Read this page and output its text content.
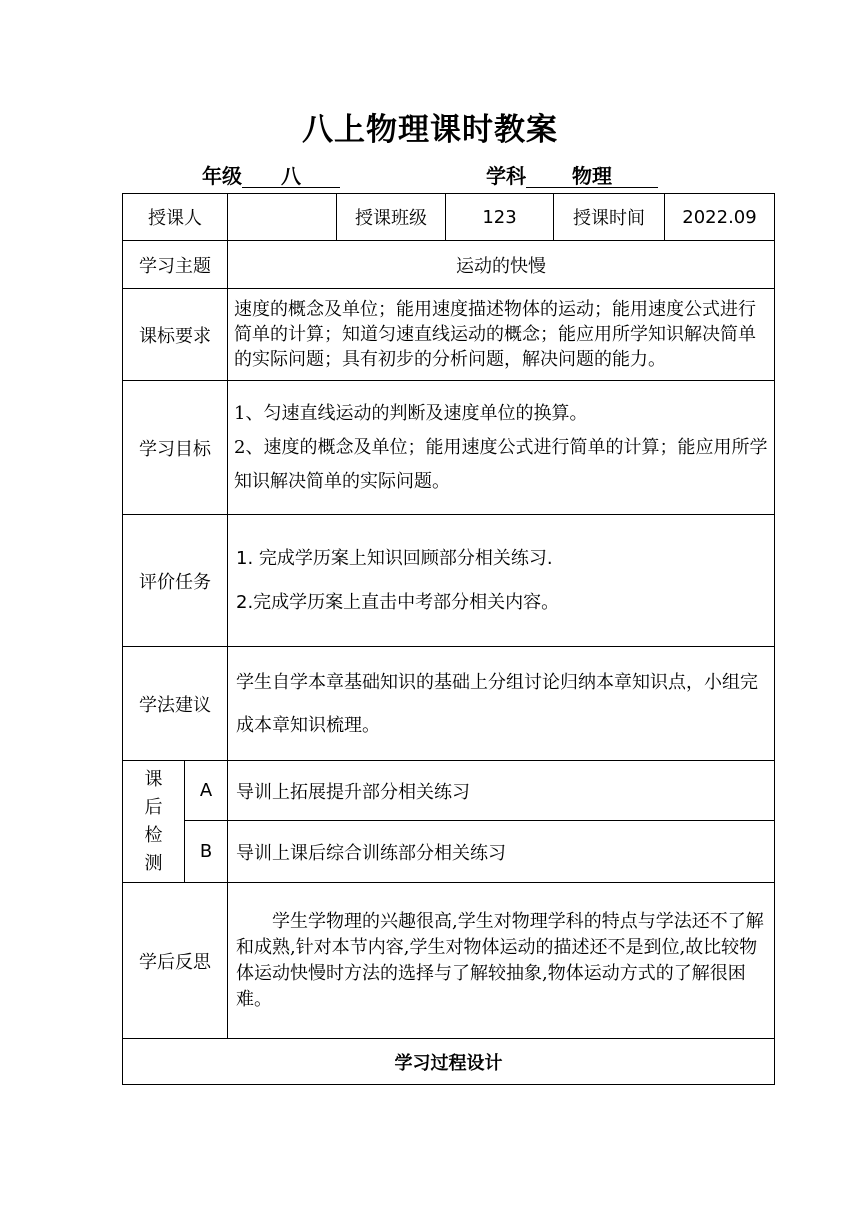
八上物理课时教案
年级 八	学科 物理
授课人			授课班级	123	授课时间	2022.09
学习主题		运动的快慢				
课标要求		速度的概念及单位；能用速度描述物体的运动；能用速度公式进行简单的计算；知道匀速直线运动的概念；能应用所学知识解决简单的实际问题；具有初步的分析问题，解决问题的能力。				
学习目标		1、匀速直线运动的判断及速度单位的换算。
2、速度的概念及单位；能用速度公式进行简单的计算；能应用所学知识解决简单的实际问题。				

评价任务		1. 完成学历案上知识回顾部分相关练习.
2.完成学历案上直击中考部分相关内容。				

学法建议		学生自学本章基础知识的基础上分组讨论归纳本章知识点，小组完成本章知识梳理。				

课
后
检
测	A	导训上拓展提升部分相关练习				
	B	导训上课后综合训练部分相关练习				
学后反思		学生学物理的兴趣很高,学生对物理学科的特点与学法还不了解和成熟,针对本节内容,学生对物体运动的描述还不是到位,故比较物体运动快慢时方法的选择与了解较抽象,物体运动方式的了解很困难。				
学习过程设计						
